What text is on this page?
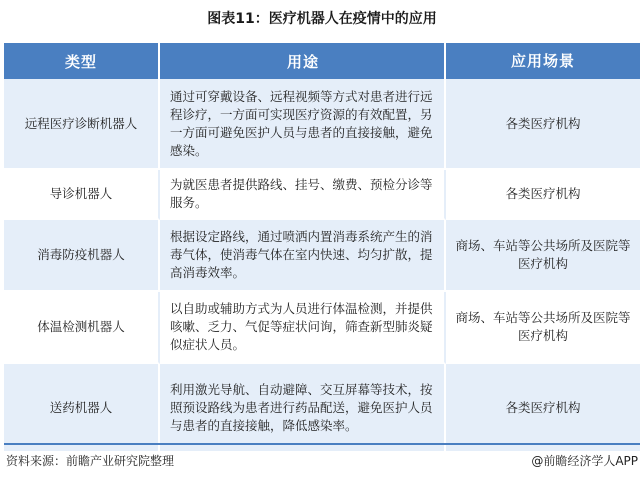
图表11：医疗机器人在疫情中的应用
类型	用途	应用场景
远程医疗诊断机器人	通过可穿戴设备、远程视频等方式对患者进行远程诊疗，一方面可实现医疗资源的有效配置，另一方面可避免医护人员与患者的直接接触，避免感染。	各类医疗机构
导诊机器人	为就医患者提供路线、挂号、缴费、预检分诊等服务。	各类医疗机构
消毒防疫机器人	根据设定路线，通过喷洒内置消毒系统产生的消毒气体，使消毒气体在室内快速、均匀扩散，提高消毒效率。	商场、车站等公共场所及医院等医疗机构
体温检测机器人	以自助或辅助方式为人员进行体温检测，并提供咳嗽、乏力、气促等症状问询，筛查新型肺炎疑似症状人员。	商场、车站等公共场所及医院等医疗机构
送药机器人	利用激光导航、自动避障、交互屏幕等技术，按照预设路线为患者进行药品配送，避免医护人员与患者的直接接触，降低感染率。	各类医疗机构
资料来源：前瞻产业研究院整理	@前瞻经济学人APP
